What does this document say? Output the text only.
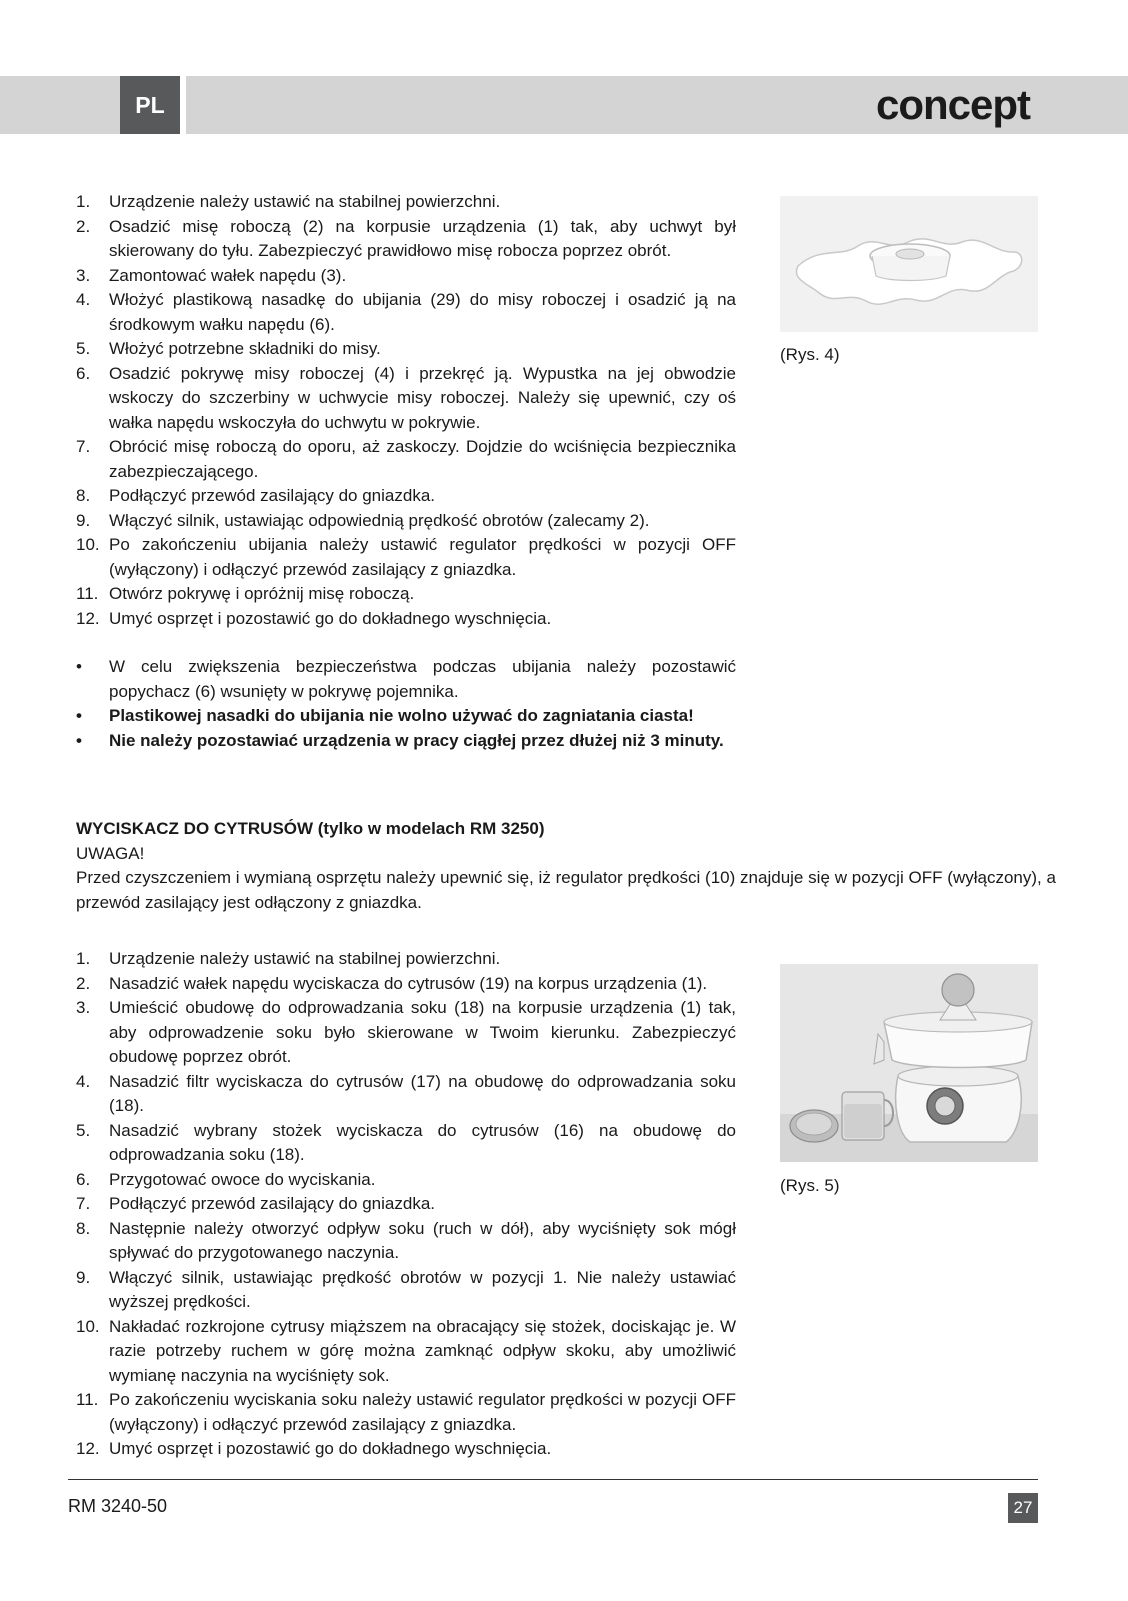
PL	concept
1. Urządzenie należy ustawić na stabilnej powierzchni.
2. Osadzić misę roboczą (2) na korpusie urządzenia (1) tak, aby uchwyt był skierowany do tyłu. Zabezpieczyć prawidłowo misę robocza poprzez obrót.
3. Zamontować wałek napędu (3).
4. Włożyć plastikową nasadkę do ubijania (29) do misy roboczej i osadzić ją na środkowym wałku napędu (6).
5. Włożyć potrzebne składniki do misy.
6. Osadzić pokrywę misy roboczej (4) i przekręć ją. Wypustka na jej obwodzie wskoczy do szczerbiny w uchwycie misy roboczej. Należy się upewnić, czy oś wałka napędu wskoczyła do uchwytu w pokrywie.
7. Obrócić misę roboczą do oporu, aż zaskoczy. Dojdzie do wciśnięcia bezpiecznika zabezpieczającego.
8. Podłączyć przewód zasilający do gniazdka.
9. Włączyć silnik, ustawiając odpowiednią prędkość obrotów (zalecamy 2).
10. Po zakończeniu ubijania należy ustawić regulator prędkości w pozycji OFF (wyłączony) i odłączyć przewód zasilający z gniazdka.
11. Otwórz pokrywę i opróżnij misę roboczą.
12. Umyć osprzęt i pozostawić go do dokładnego wyschnięcia.
• W celu zwiększenia bezpieczeństwa podczas ubijania należy pozostawić popychacz (6) wsunięty w pokrywę pojemnika.
• Plastikowej nasadki do ubijania nie wolno używać do zagniatania ciasta!
• Nie należy pozostawiać urządzenia w pracy ciągłej przez dłużej niż 3 minuty.
(Rys. 4)
WYCISKACZ DO CYTRUSÓW (tylko w modelach RM 3250)
UWAGA!
Przed czyszczeniem i wymianą osprzętu należy upewnić się, iż regulator prędkości (10) znajduje się w pozycji OFF (wyłączony), a przewód zasilający jest odłączony z gniazdka.
1. Urządzenie należy ustawić na stabilnej powierzchni.
2. Nasadzić wałek napędu wyciskacza do cytrusów (19) na korpus urządzenia (1).
3. Umieścić obudowę do odprowadzania soku (18) na korpusie urządzenia (1) tak, aby odprowadzenie soku było skierowane w Twoim kierunku. Zabezpieczyć obudowę poprzez obrót.
4. Nasadzić filtr wyciskacza do cytrusów (17) na obudowę do odprowadzania soku (18).
5. Nasadzić wybrany stożek wyciskacza do cytrusów (16) na obudowę do odprowadzania soku (18).
6. Przygotować owoce do wyciskania.
7. Podłączyć przewód zasilający do gniazdka.
8. Następnie należy otworzyć odpływ soku (ruch w dół), aby wyciśnięty sok mógł spływać do przygotowanego naczynia.
9. Włączyć silnik, ustawiając prędkość obrotów w pozycji 1. Nie należy ustawiać wyższej prędkości.
10. Nakładać rozkrojone cytrusy miąższem na obracający się stożek, dociskając je. W razie potrzeby ruchem w górę można zamknąć odpływ skoku, aby umożliwić wymianę naczynia na wyciśnięty sok.
11. Po zakończeniu wyciskania soku należy ustawić regulator prędkości w pozycji OFF (wyłączony) i odłączyć przewód zasilający z gniazdka.
12. Umyć osprzęt i pozostawić go do dokładnego wyschnięcia.
(Rys. 5)
RM 3240-50	27
